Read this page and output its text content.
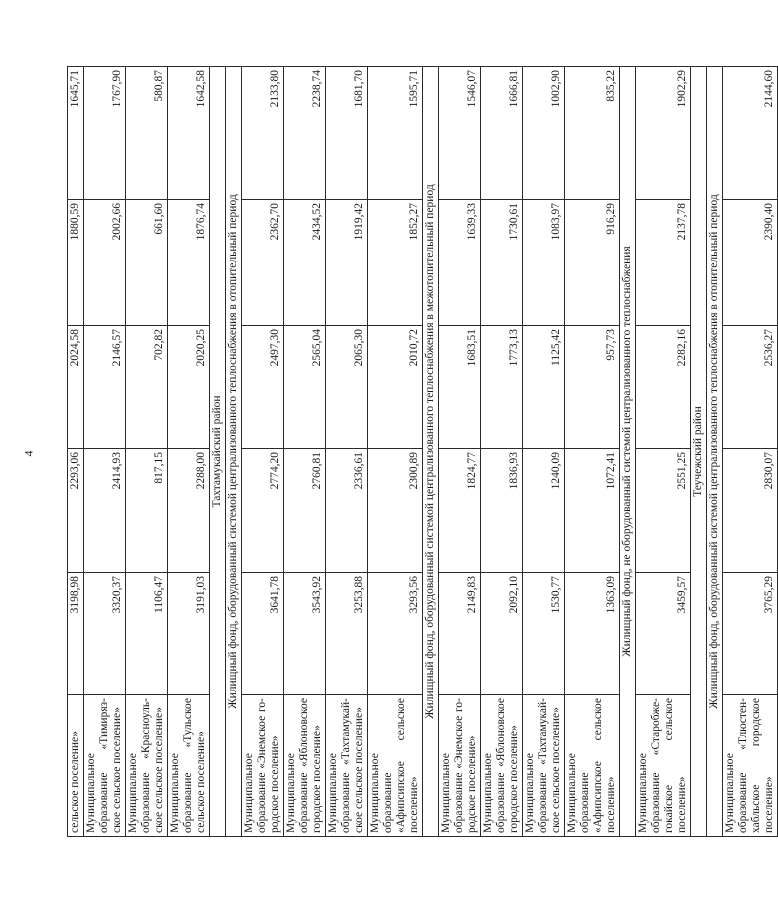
4
сельское поселение»	3198,98	2293,06	2024,58	1880,59	1645,71
Муниципальное образование «Тимиряз-ское сельское поселение»	3320,37	2414,93	2146,57	2002,66	1767,90
Муниципальное образование «Красноуль-ское сельское поселение»	1106,47	817,15	702,82	661,60	580,87
Муниципальное образование «Тульское сельское поселение»	3191,03	2288,00	2020,25	1876,74	1642,58
Тахтамукайский район					
Жилищный фонд, оборудованный системой централизованного теплоснабжения в отопительный период					
Муниципальное образование «Энемское го-родское поселение»	3641,78	2774,20	2497,30	2362,70	2133,80
Муниципальное образование «Яблоновское городское поселение»	3543,92	2760,81	2565,04	2434,52	2238,74
Муниципальное образование «Тахтамукай-ское сельское поселение»	3253,88	2336,61	2065,30	1919,42	1681,70
Муниципальное образование «Афипсипское сельское поселение»	3293,56	2300,89	2010,72	1852,27	1595,71
Жилищный фонд, оборудованный системой централизованного теплоснабжения в межотопительный период					
Муниципальное образование «Энемское го-родское поселение»	2149,83	1824,77	1683,51	1639,33	1546,07
Муниципальное образование «Яблоновское городское поселение»	2092,10	1836,93	1773,13	1730,61	1666,81
Муниципальное образование «Тахтамукай-ское сельское поселение»	1530,77	1240,09	1125,42	1083,97	1002,90
Муниципальное образование «Афипсипское сельское поселение»	1363,09	1072,41	957,73	916,29	835,22
Жилищный фонд, не оборудованный системой централизованного теплоснабжения					
Муниципальное образование «Старобже-гокайское сельское поселение»	3459,57	2551,25	2282,16	2137,78	1902,29
Теучежский район					
Жилищный фонд, оборудованный системой централизованного теплоснабжения в отопительный период					
Муниципальное образование «Тлюстен-хабльское городское поселение»	3765,29	2830,07	2536,27	2390,40	2144,60
